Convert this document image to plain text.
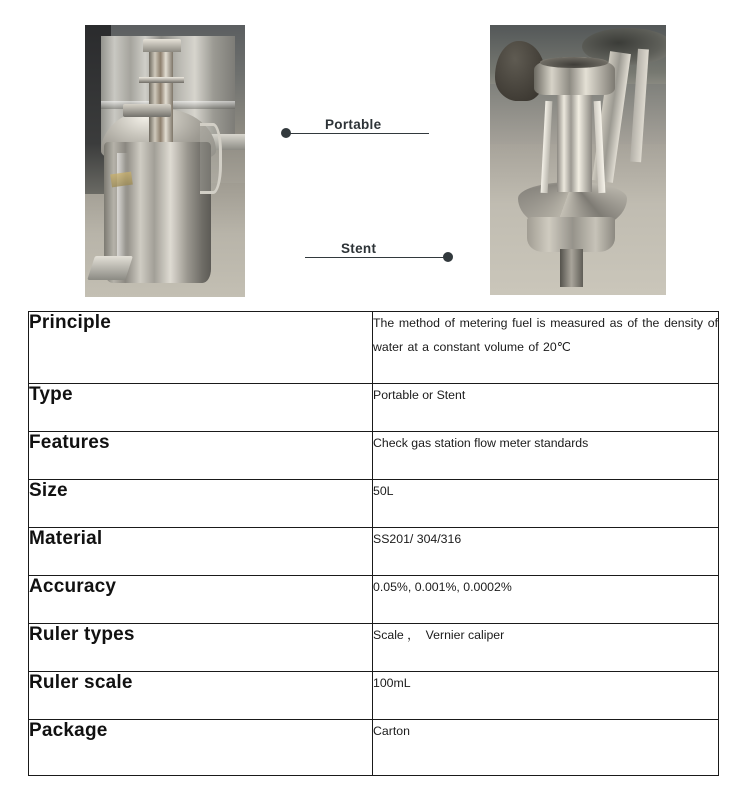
Portable
Stent
Principle	The method of metering fuel is measured as of the density of water at a constant volume of 20℃
Type	Portable or Stent
Features	Check gas station flow meter standards
Size	50L
Material	SS201/ 304/316
Accuracy	0.05%, 0.001%, 0.0002%
Ruler types	Scale ，　Vernier caliper
Ruler scale	100mL
Package	Carton
